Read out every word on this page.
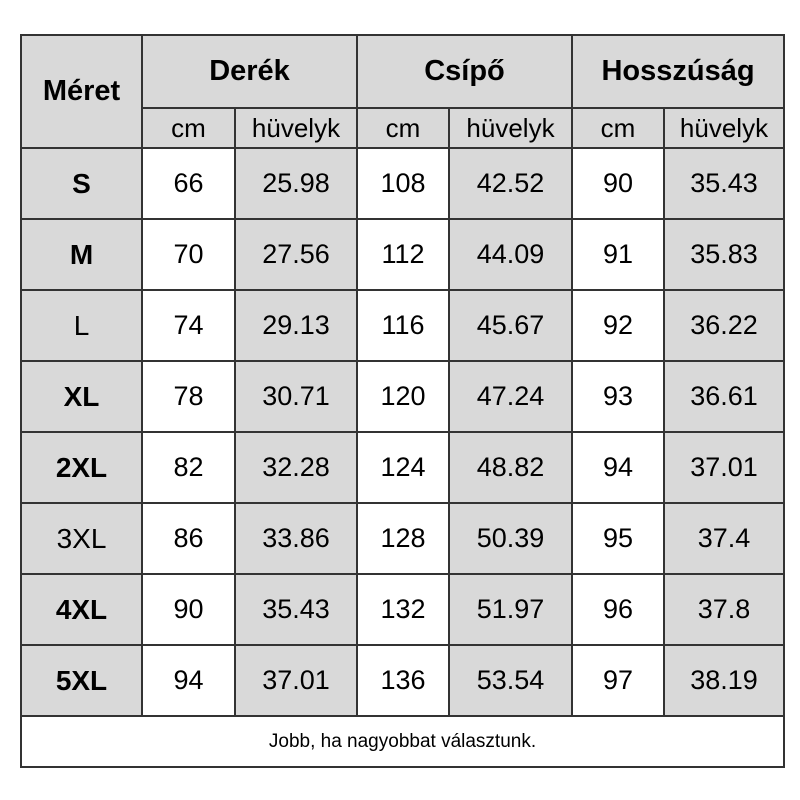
Méret	Derék		Csípő		Hosszúság	
	cm	hüvelyk	cm	hüvelyk	cm	hüvelyk
S	66	25.98	108	42.52	90	35.43
M	70	27.56	112	44.09	91	35.83
L	74	29.13	116	45.67	92	36.22
XL	78	30.71	120	47.24	93	36.61
2XL	82	32.28	124	48.82	94	37.01
3XL	86	33.86	128	50.39	95	37.4
4XL	90	35.43	132	51.97	96	37.8
5XL	94	37.01	136	53.54	97	38.19
Jobb, ha nagyobbat választunk.						
